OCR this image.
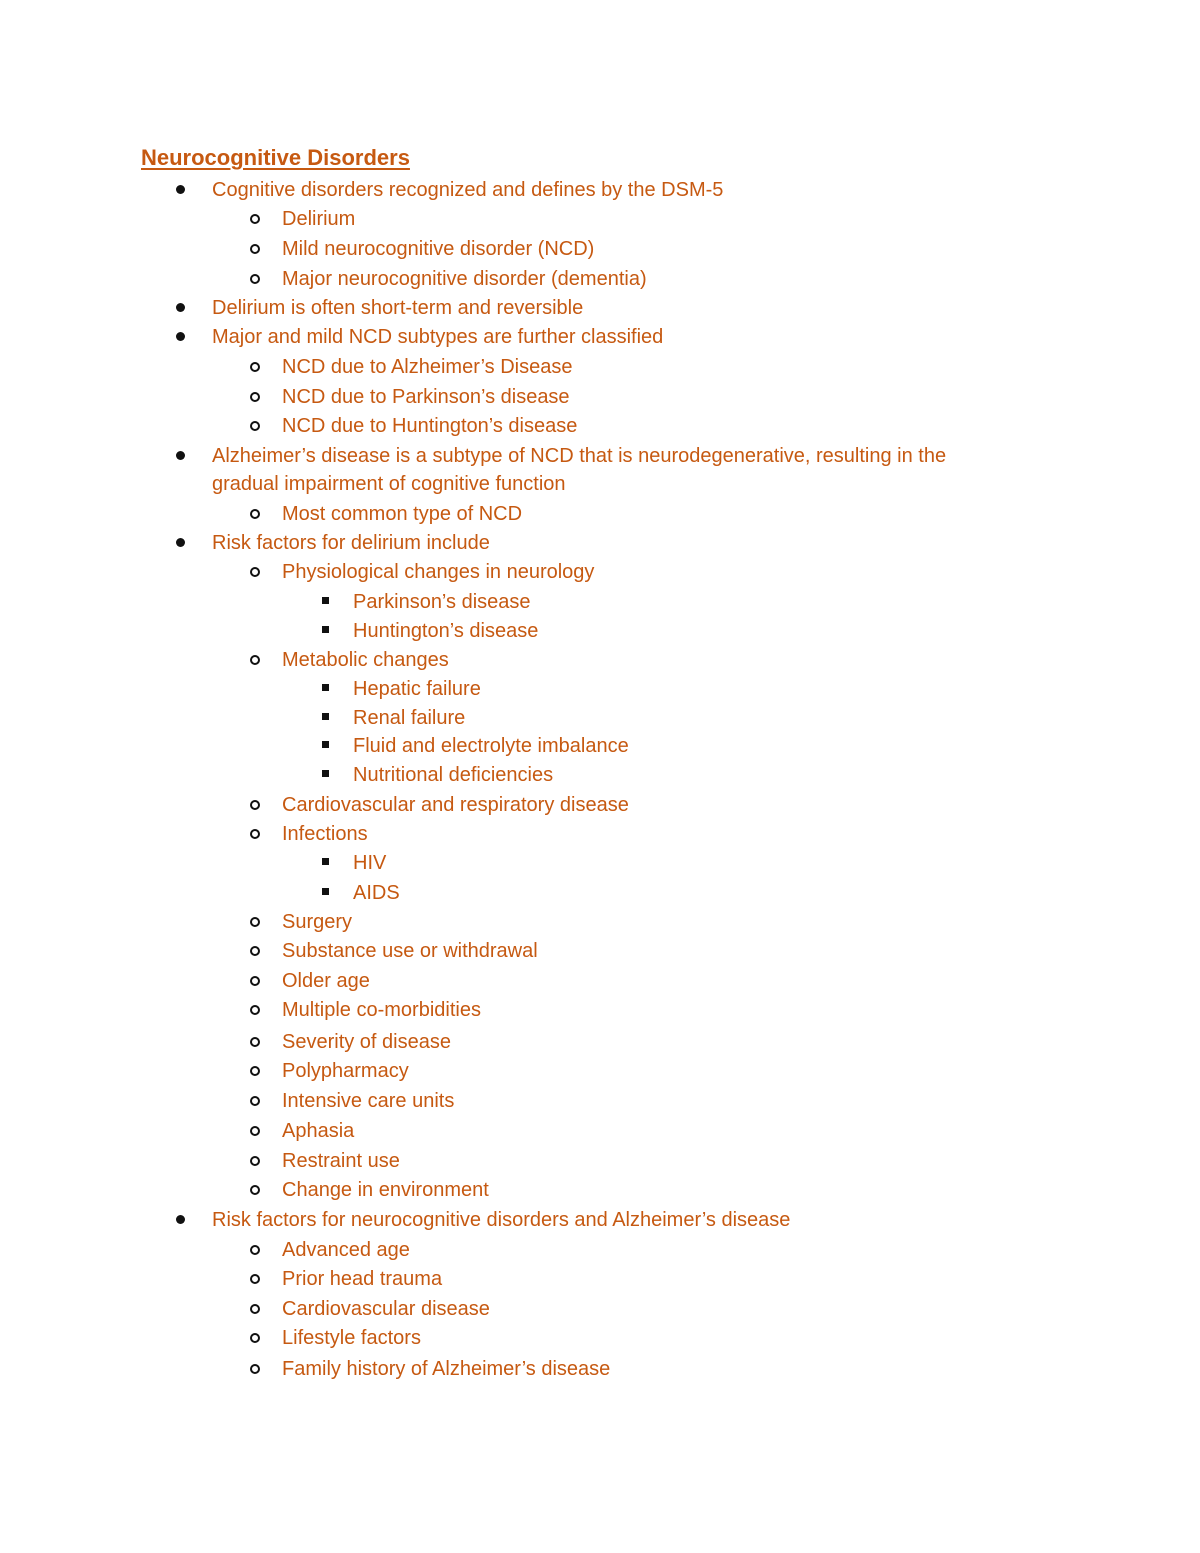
Neurocognitive Disorders
Cognitive disorders recognized and defines by the DSM-5
Delirium
Mild neurocognitive disorder (NCD)
Major neurocognitive disorder (dementia)
Delirium is often short-term and reversible
Major and mild NCD subtypes are further classified
NCD due to Alzheimer’s Disease
NCD due to Parkinson’s disease
NCD due to Huntington’s disease
Alzheimer’s disease is a subtype of NCD that is neurodegenerative, resulting in the
gradual impairment of cognitive function
Most common type of NCD
Risk factors for delirium include
Physiological changes in neurology
Parkinson’s disease
Huntington’s disease
Metabolic changes
Hepatic failure
Renal failure
Fluid and electrolyte imbalance
Nutritional deficiencies
Cardiovascular and respiratory disease
Infections
HIV
AIDS
Surgery
Substance use or withdrawal
Older age
Multiple co-morbidities
Severity of disease
Polypharmacy
Intensive care units
Aphasia
Restraint use
Change in environment
Risk factors for neurocognitive disorders and Alzheimer’s disease
Advanced age
Prior head trauma
Cardiovascular disease
Lifestyle factors
Family history of Alzheimer’s disease
